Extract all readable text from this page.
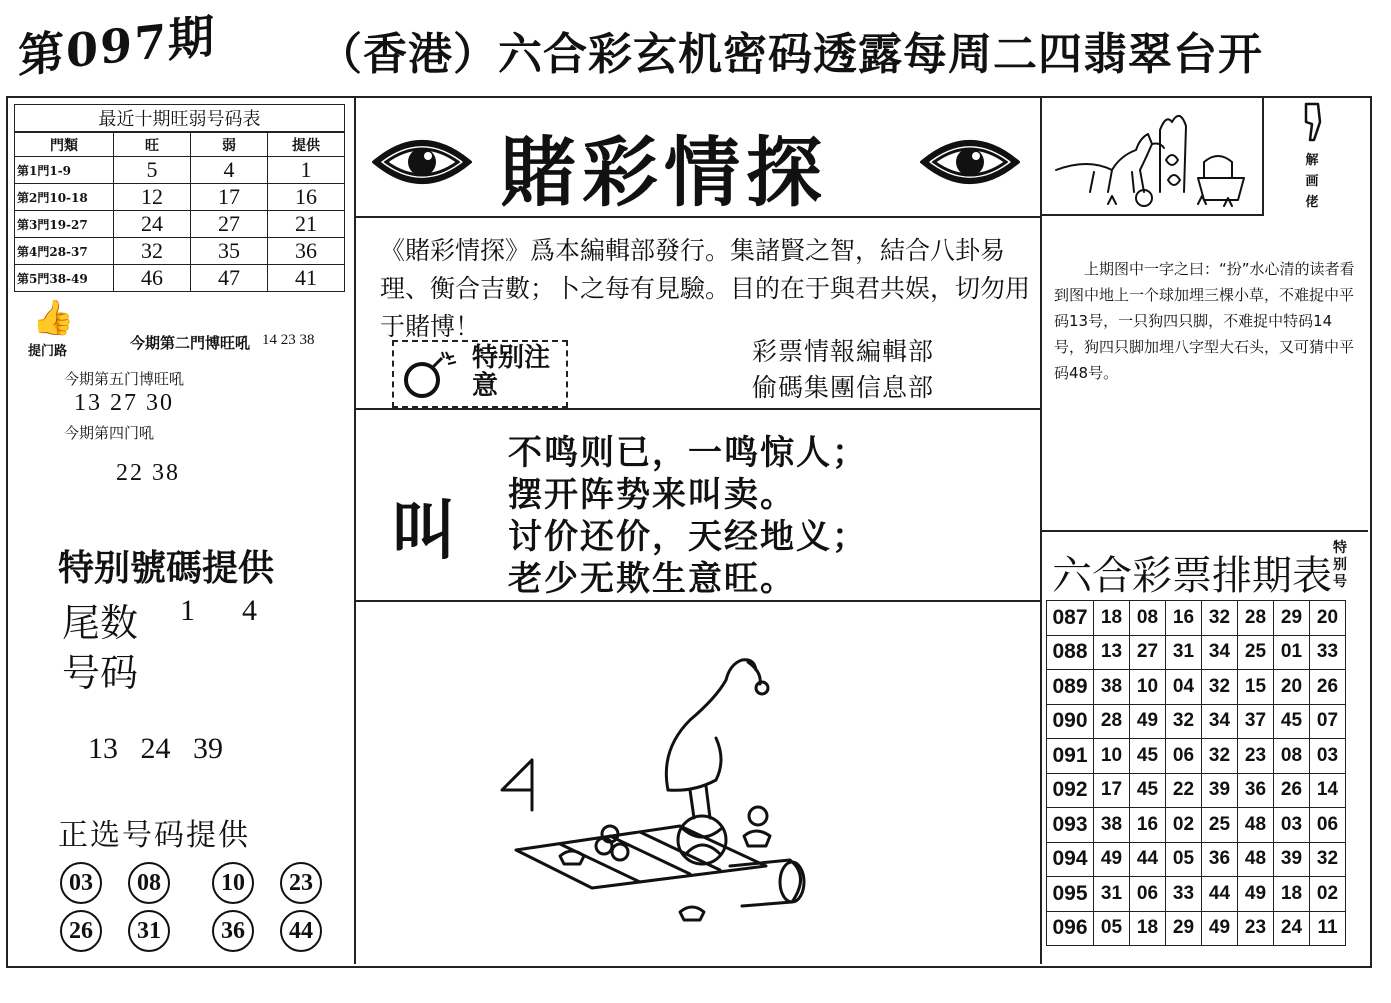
第097期 （香港）六合彩玄机密码透露每周二四翡翠台开
最近十期旺弱号码表			
門類	旺	弱	提供
第1門1-9	5	4	1
第2門10-18	12	17	16
第3門19-27	24	27	21
第4門28-37	32	35	36
第5門38-49	46	47	41
👍
提门路	今期第二門博旺吼 14 23 38
今期第五门博旺吼
13 27 30
今期第四门吼
22 38
特别號碼提供
尾数 1 4
号码
13   24   39
正选号码提供
03	08	10	23
26	31	36	44
賭彩情探
《賭彩情探》爲本編輯部發行。集諸賢之智，結合八卦易理、衡合吉數；卜之每有見驗。目的在于與君共娱，切勿用于賭博！
特别注意
彩票情報編輯部
偷碼集團信息部
叫
不鸣则已，一鸣惊人；
摆开阵势来叫卖。
讨价还价，天经地义；
老少无欺生意旺。
解画佬
上期图中一字之曰：“扮”水心清的读者看到图中地上一个球加埋三棵小草，不难捉中平码13号，一只狗四只脚，不难捉中特码14号，狗四只脚加埋八字型大石头，又可猜中平码48号。
六合彩票排期表
特别号
087	18	08	16	32	28	29	20
088	13	27	31	34	25	01	33
089	38	10	04	32	15	20	26
090	28	49	32	34	37	45	07
091	10	45	06	32	23	08	03
092	17	45	22	39	36	26	14
093	38	16	02	25	48	03	06
094	49	44	05	36	48	39	32
095	31	06	33	44	49	18	02
096	05	18	29	49	23	24	11
